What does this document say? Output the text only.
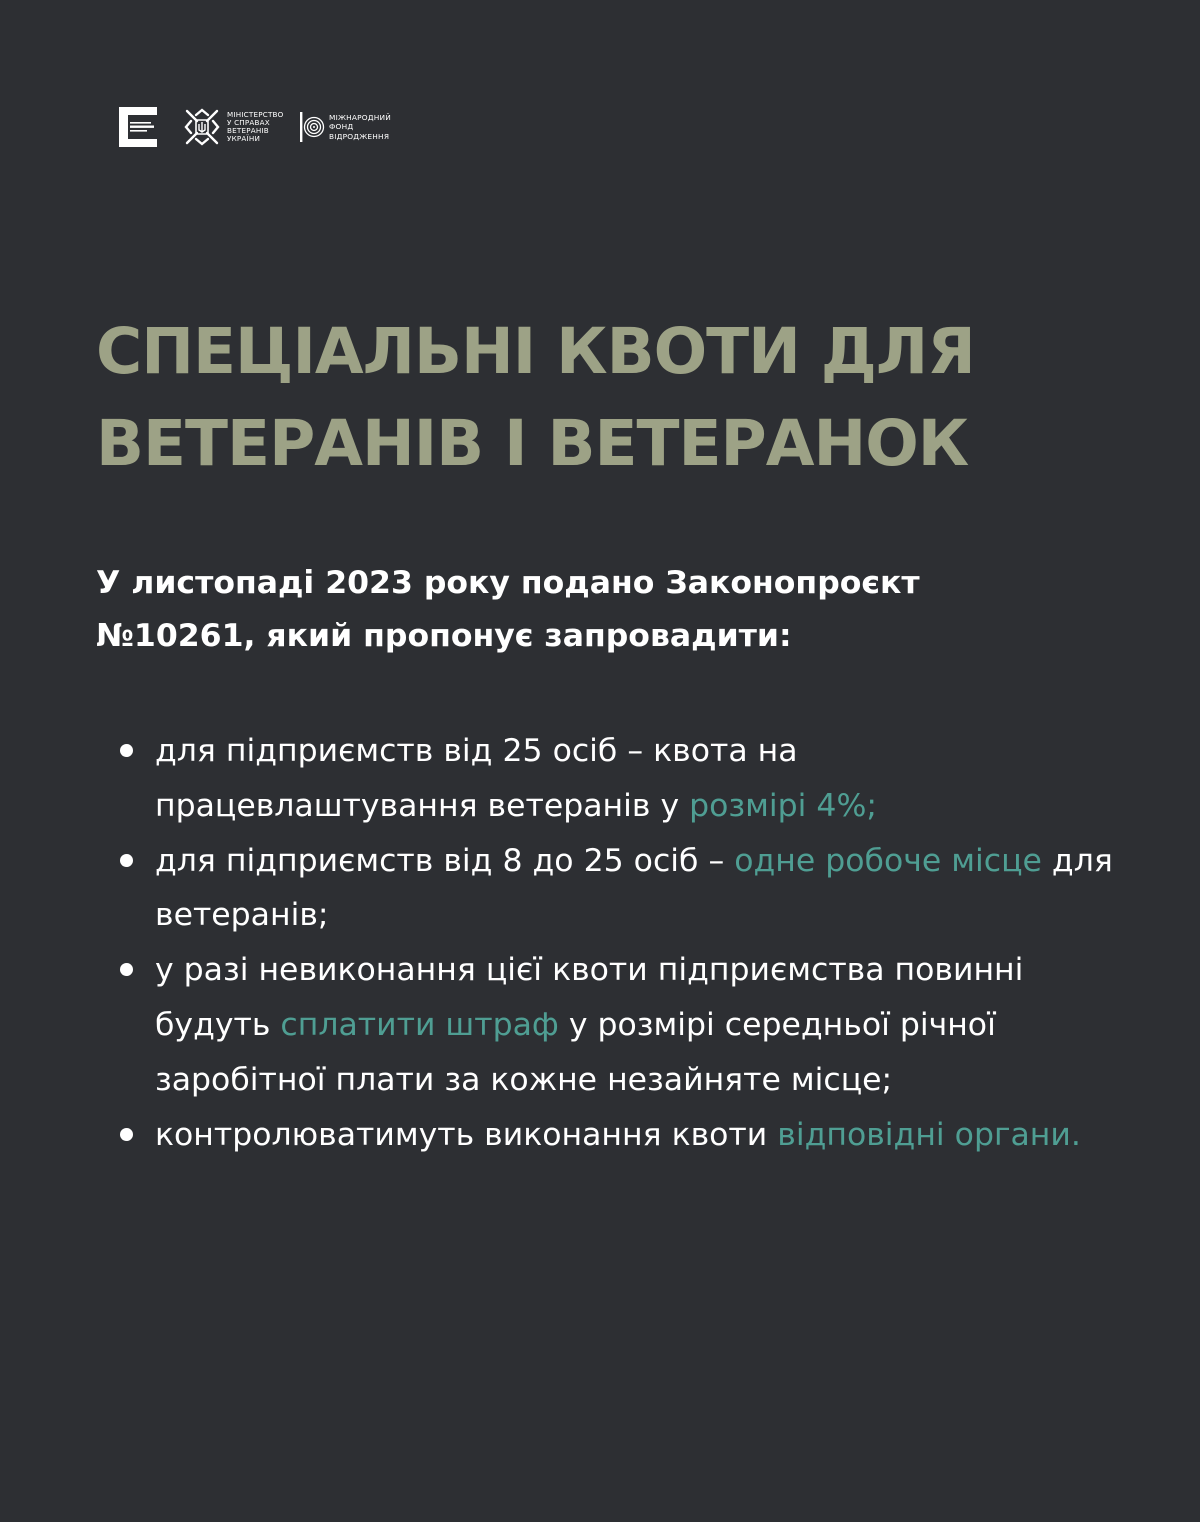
МІНІСТЕРСТВО
У СПРАВАХ
ВЕТЕРАНІВ
УКРАЇНИ
МІЖНАРОДНИЙ
ФОНД
ВІДРОДЖЕННЯ
СПЕЦІАЛЬНІ КВОТИ ДЛЯ
ВЕТЕРАНІВ І ВЕТЕРАНОК

У листопаді 2023 року подано Законопроєкт
№10261, який пропонує запровадити:

для підприємств від 25 осіб – квота на працевлаштування ветеранів у розмірі 4%;
для підприємств від 8 до 25 осіб – одне робоче місце для ветеранів;
у разі невиконання цієї квоти підприємства повинні будуть сплатити штраф у розмірі середньої річної заробітної плати за кожне незайняте місце;
контролюватимуть виконання квоти відповідні органи.
